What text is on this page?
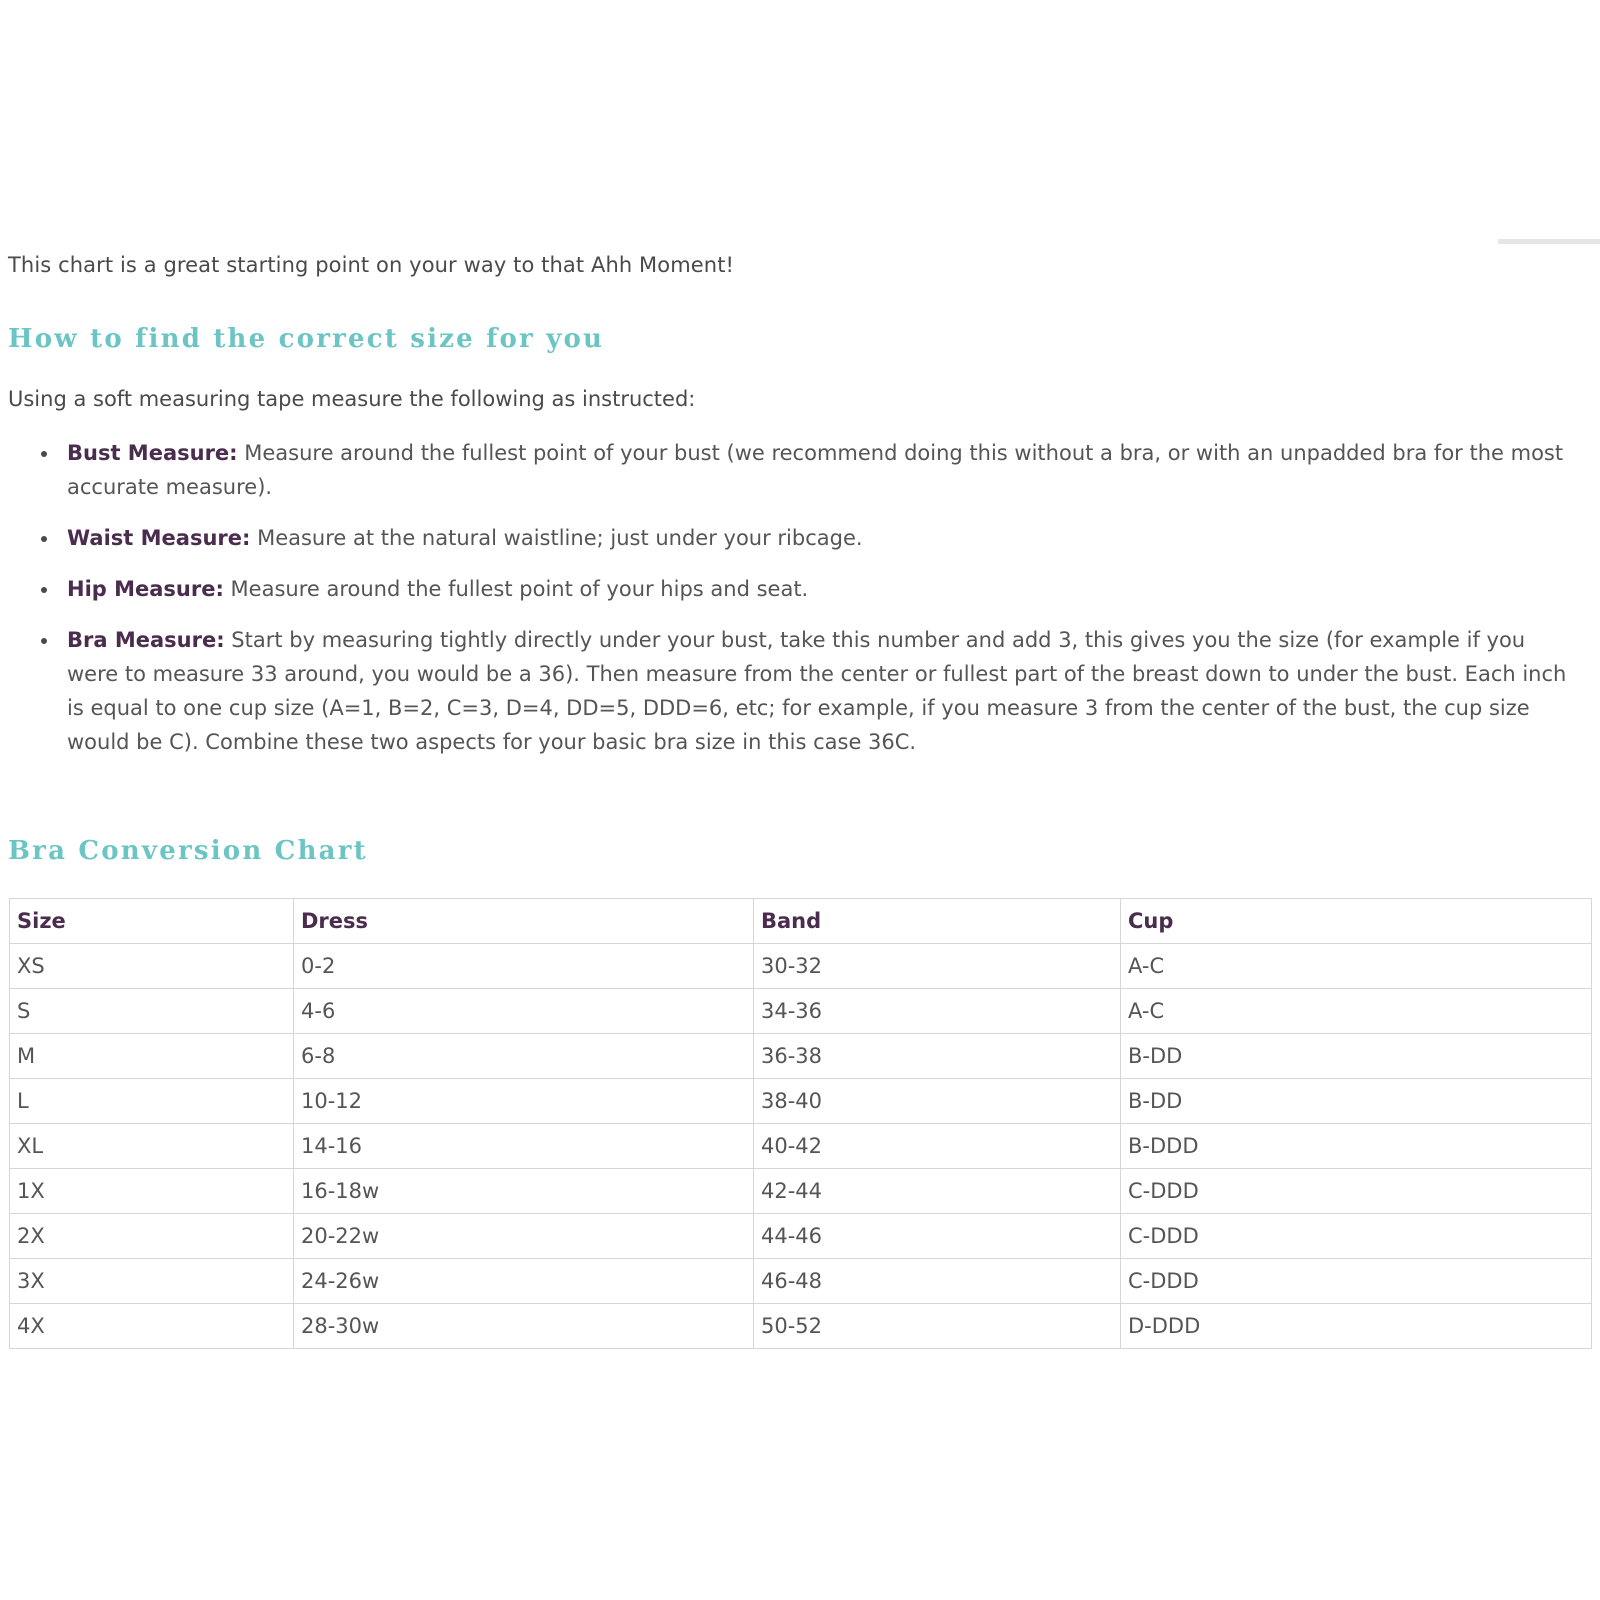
This chart is a great starting point on your way to that Ahh Moment!

How to find the correct size for you

Using a soft measuring tape measure the following as instructed:

Bust Measure: Measure around the fullest point of your bust (we recommend doing this without a bra, or with an unpadded bra for the most accurate measure).
Waist Measure: Measure at the natural waistline; just under your ribcage.
Hip Measure: Measure around the fullest point of your hips and seat.
Bra Measure: Start by measuring tightly directly under your bust, take this number and add 3, this gives you the size (for example if you were to measure 33 around, you would be a 36). Then measure from the center or fullest part of the breast down to under the bust. Each inch is equal to one cup size (A=1, B=2, C=3, D=4, DD=5, DDD=6, etc; for example, if you measure 3 from the center of the bust, the cup size would be C). Combine these two aspects for your basic bra size in this case 36C.
Bra Conversion Chart
Size	Dress	Band	Cup
XS	0-2	30-32	A-C
S	4-6	34-36	A-C
M	6-8	36-38	B-DD
L	10-12	38-40	B-DD
XL	14-16	40-42	B-DDD
1X	16-18w	42-44	C-DDD
2X	20-22w	44-46	C-DDD
3X	24-26w	46-48	C-DDD
4X	28-30w	50-52	D-DDD
